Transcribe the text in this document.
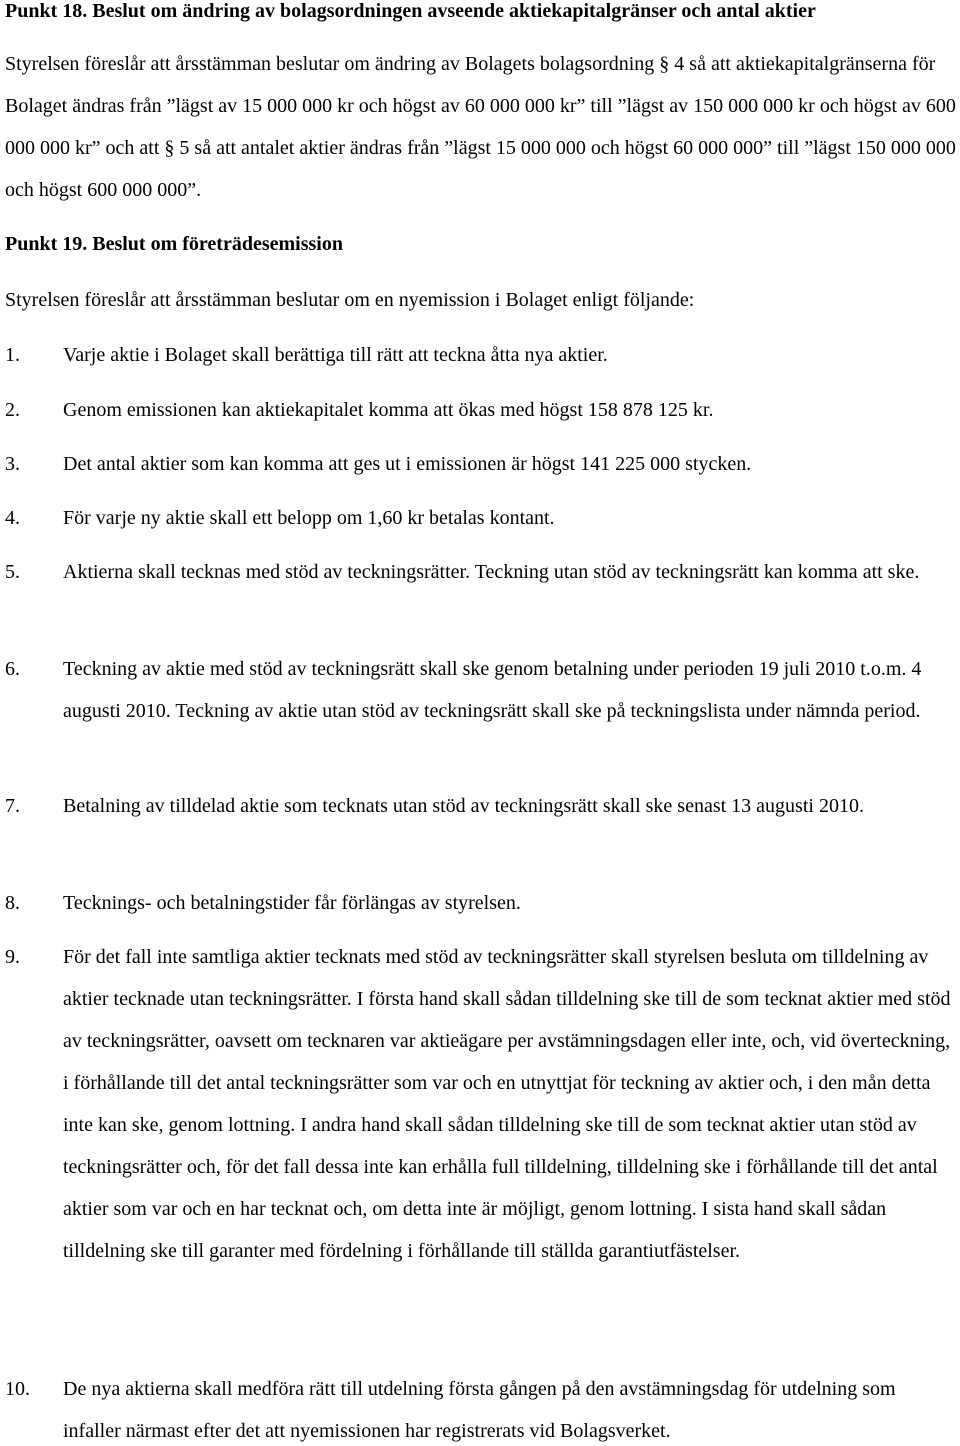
Punkt 18. Beslut om ändring av bolagsordningen avseende aktiekapitalgränser och antal aktier
Styrelsen föreslår att årsstämman beslutar om ändring av Bolagets bolagsordning § 4 så att aktiekapitalgränserna för Bolaget ändras från ”lägst av 15 000 000 kr och högst av 60 000 000 kr” till ”lägst av 150 000 000 kr och högst av 600 000 000 kr” och att § 5 så att antalet aktier ändras från ”lägst 15 000 000 och högst 60 000 000” till ”lägst 150 000 000 och högst 600 000 000”.
Punkt 19. Beslut om företrädesemission
Styrelsen föreslår att årsstämman beslutar om en nyemission i Bolaget enligt följande:
1. Varje aktie i Bolaget skall berättiga till rätt att teckna åtta nya aktier.
2. Genom emissionen kan aktiekapitalet komma att ökas med högst 158 878 125 kr.
3. Det antal aktier som kan komma att ges ut i emissionen är högst 141 225 000 stycken.
4. För varje ny aktie skall ett belopp om 1,60 kr betalas kontant.
5. Aktierna skall tecknas med stöd av teckningsrätter. Teckning utan stöd av teckningsrätt kan komma att ske.
6. Teckning av aktie med stöd av teckningsrätt skall ske genom betalning under perioden 19 juli 2010 t.o.m. 4 augusti 2010. Teckning av aktie utan stöd av teckningsrätt skall ske på teckningslista under nämnda period.
7. Betalning av tilldelad aktie som tecknats utan stöd av teckningsrätt skall ske senast 13 augusti 2010.
8. Tecknings- och betalningstider får förlängas av styrelsen.
9. För det fall inte samtliga aktier tecknats med stöd av teckningsrätter skall styrelsen besluta om tilldelning av aktier tecknade utan teckningsrätter. I första hand skall sådan tilldelning ske till de som tecknat aktier med stöd av teckningsrätter, oavsett om tecknaren var aktieägare per avstämningsdagen eller inte, och, vid överteckning, i förhållande till det antal teckningsrätter som var och en utnyttjat för teckning av aktier och, i den mån detta inte kan ske, genom lottning. I andra hand skall sådan tilldelning ske till de som tecknat aktier utan stöd av teckningsrätter och, för det fall dessa inte kan erhålla full tilldelning, tilldelning ske i förhållande till det antal aktier som var och en har tecknat och, om detta inte är möjligt, genom lottning. I sista hand skall sådan tilldelning ske till garanter med fördelning i förhållande till ställda garantiutfästelser.
10. De nya aktierna skall medföra rätt till utdelning första gången på den avstämningsdag för utdelning som infaller närmast efter det att nyemissionen har registrerats vid Bolagsverket.
